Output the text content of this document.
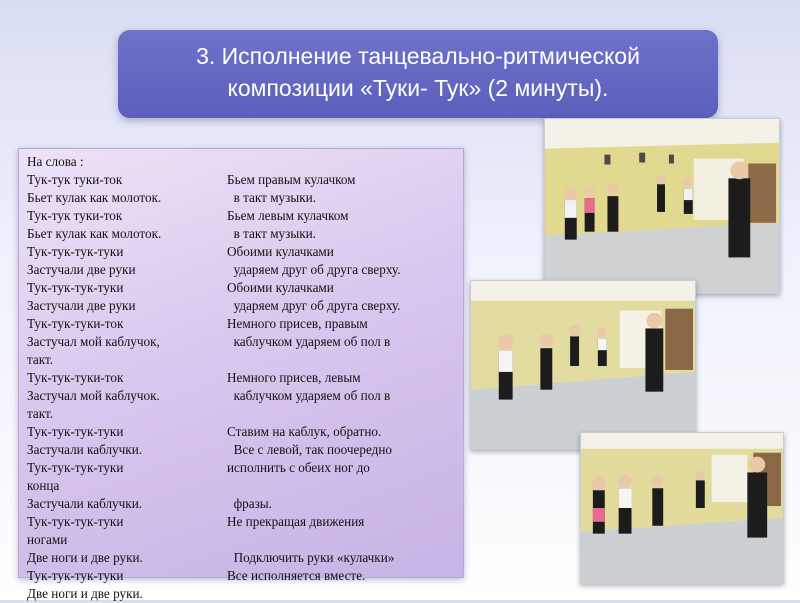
3. Исполнение танцевально-ритмической
композиции «Туки- Тук» (2 минуты).
На слова :
Тук-тук туки-ток	Бьем правым кулачком
Бьет кулак как молоток.	в такт музыки.
Тук-тук туки-ток	Бьем левым кулачком
Бьет кулак как молоток.	в такт музыки.
Тук-тук-тук-туки	Обоими кулачками
Застучали две руки	ударяем друг об друга сверху.
Тук-тук-тук-туки	Обоими кулачками
Застучали две руки	ударяем друг об друга сверху.
Тук-тук-туки-ток	Немного присев, правым
Застучал мой каблучок,	каблучком ударяем об пол в
такт.
Тук-тук-туки-ток	Немного присев, левым
Застучал мой каблучок.	каблучком ударяем об пол в
такт.
Тук-тук-тук-туки	Ставим на каблук, обратно.
Застучали каблучки.	Все с левой, так поочередно
Тук-тук-тук-туки	исполнить с обеих ног до
конца
Застучали каблучки.	фразы.
Тук-тук-тук-туки	Не прекращая движения
ногами
Две ноги и две руки.	Подключить руки «кулачки»
Тук-тук-тук-туки	Все исполняется вместе.
Две ноги и две руки.
